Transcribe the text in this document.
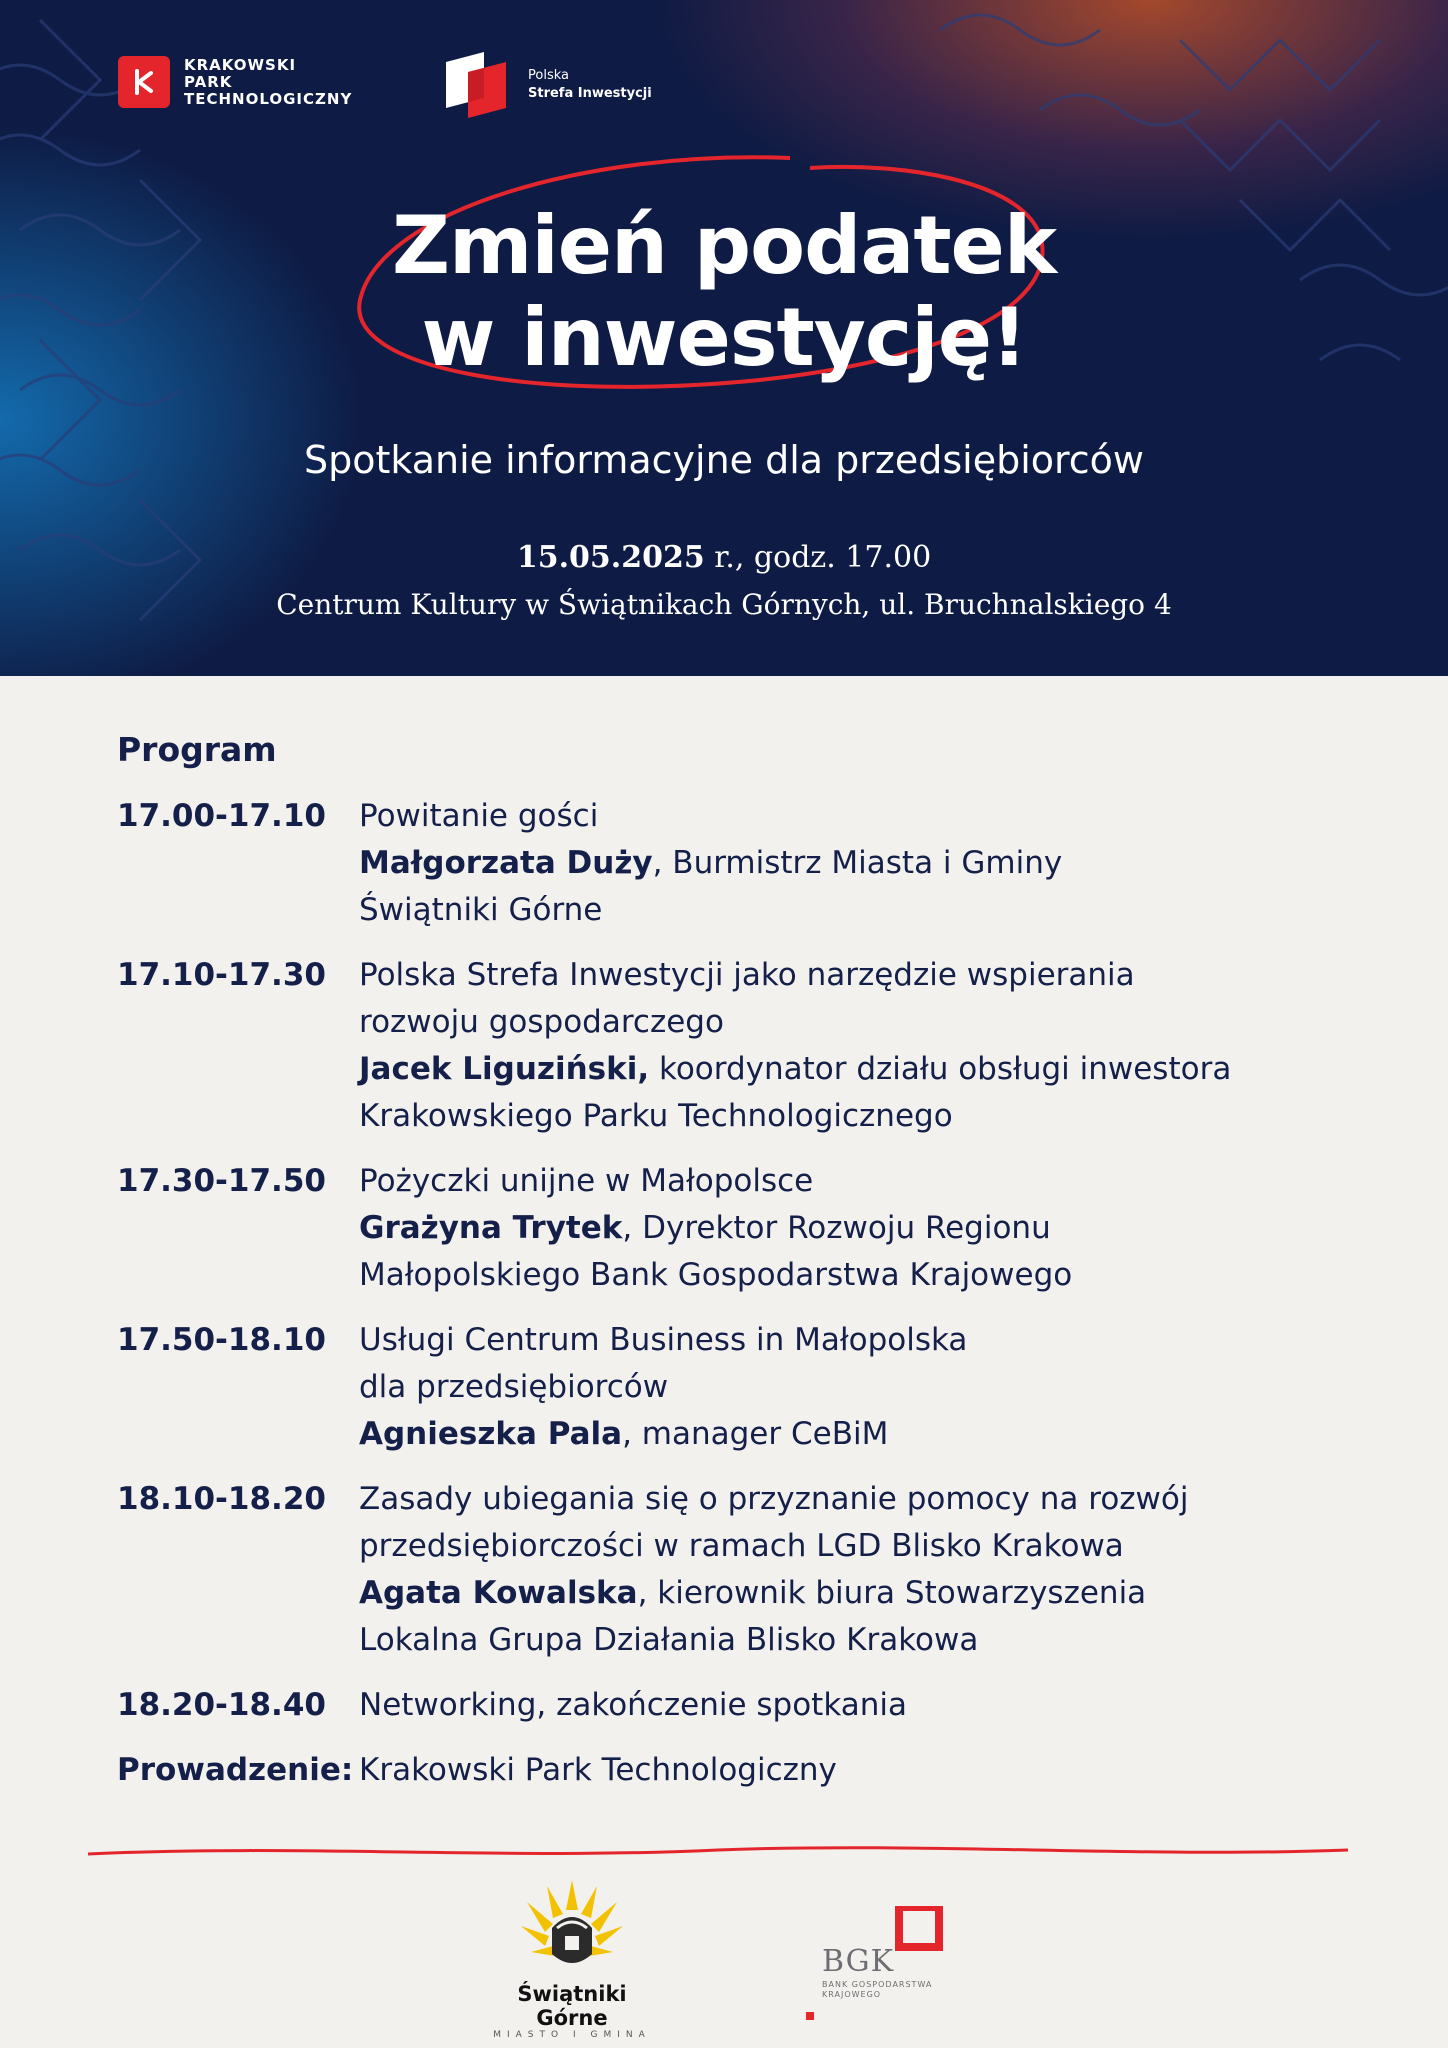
KRAKOWSKI
PARK
TECHNOLOGICZNY
Polska
Strefa Inwestycji
Zmień podatek
w inwestycję!
Spotkanie informacyjne dla przedsiębiorców
15.05.2025 r., godz. 17.00
Centrum Kultury w Świątnikach Górnych, ul. Bruchnalskiego 4
Program
17.00-17.10	Powitanie gości
Małgorzata Duży, Burmistrz Miasta i Gminy
Świątniki Górne
17.10-17.30	Polska Strefa Inwestycji jako narzędzie wspierania
rozwoju gospodarczego
Jacek Liguziński, koordynator działu obsługi inwestora
Krakowskiego Parku Technologicznego
17.30-17.50	Pożyczki unijne w Małopolsce
Grażyna Trytek, Dyrektor Rozwoju Regionu
Małopolskiego Bank Gospodarstwa Krajowego
17.50-18.10	Usługi Centrum Business in Małopolska
dla przedsiębiorców
Agnieszka Pala, manager CeBiM
18.10-18.20	Zasady ubiegania się o przyznanie pomocy na rozwój
przedsiębiorczości w ramach LGD Blisko Krakowa
Agata Kowalska, kierownik biura Stowarzyszenia
Lokalna Grupa Działania Blisko Krakowa
18.20-18.40	Networking, zakończenie spotkania
Prowadzenie: Krakowski Park Technologiczny
Świątniki Górne
MIASTO I GMINA
BGK
BANK GOSPODARSTWA
KRAJOWEGO
